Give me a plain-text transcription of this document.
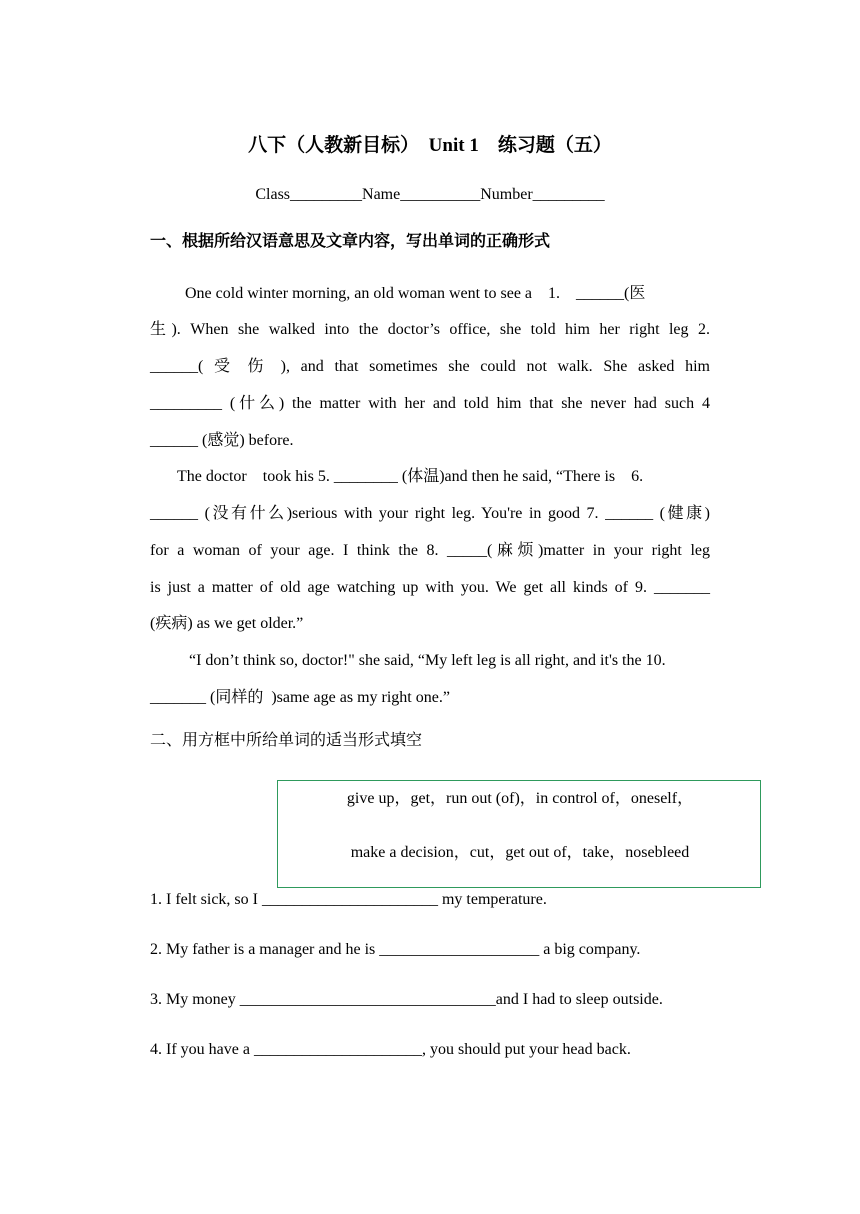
八下（人教新目标）  Unit 1    练习题（五）
Class_________Name__________Number_________
一、根据所给汉语意思及文章内容，写出单词的正确形式
One cold winter morning, an old woman went to see a    1.    ______(医
生). When she walked into the doctor’s office, she told him her right leg 2.
______( 受 伤 ), and that sometimes she could not walk. She asked him
_________ (什么) the matter with her and told him that she never had such 4
______ (感觉) before.
The doctor    took his 5. ________ (体温)and then he said, “There is    6.
______ (没有什么)serious with your right leg. You're in good 7. ______ (健康)
for a woman of your age. I think the 8. _____(麻烦)matter in your right leg
is just a matter of old age watching up with you. We get all kinds of 9. _______
(疾病) as we get older.”
“I don’t think so, doctor!" she said, “My left leg is all right, and it's the 10.
_______ (同样的  )same age as my right one.”
二、用方框中所给单词的适当形式填空
give up，get，run out (of)，in control of，oneself，
make a decision，cut，get out of，take，nosebleed
1. I felt sick, so I ______________________ my temperature.
2. My father is a manager and he is ____________________ a big company.
3. My money ________________________________and I had to sleep outside.
4. If you have a _____________________, you should put your head back.
